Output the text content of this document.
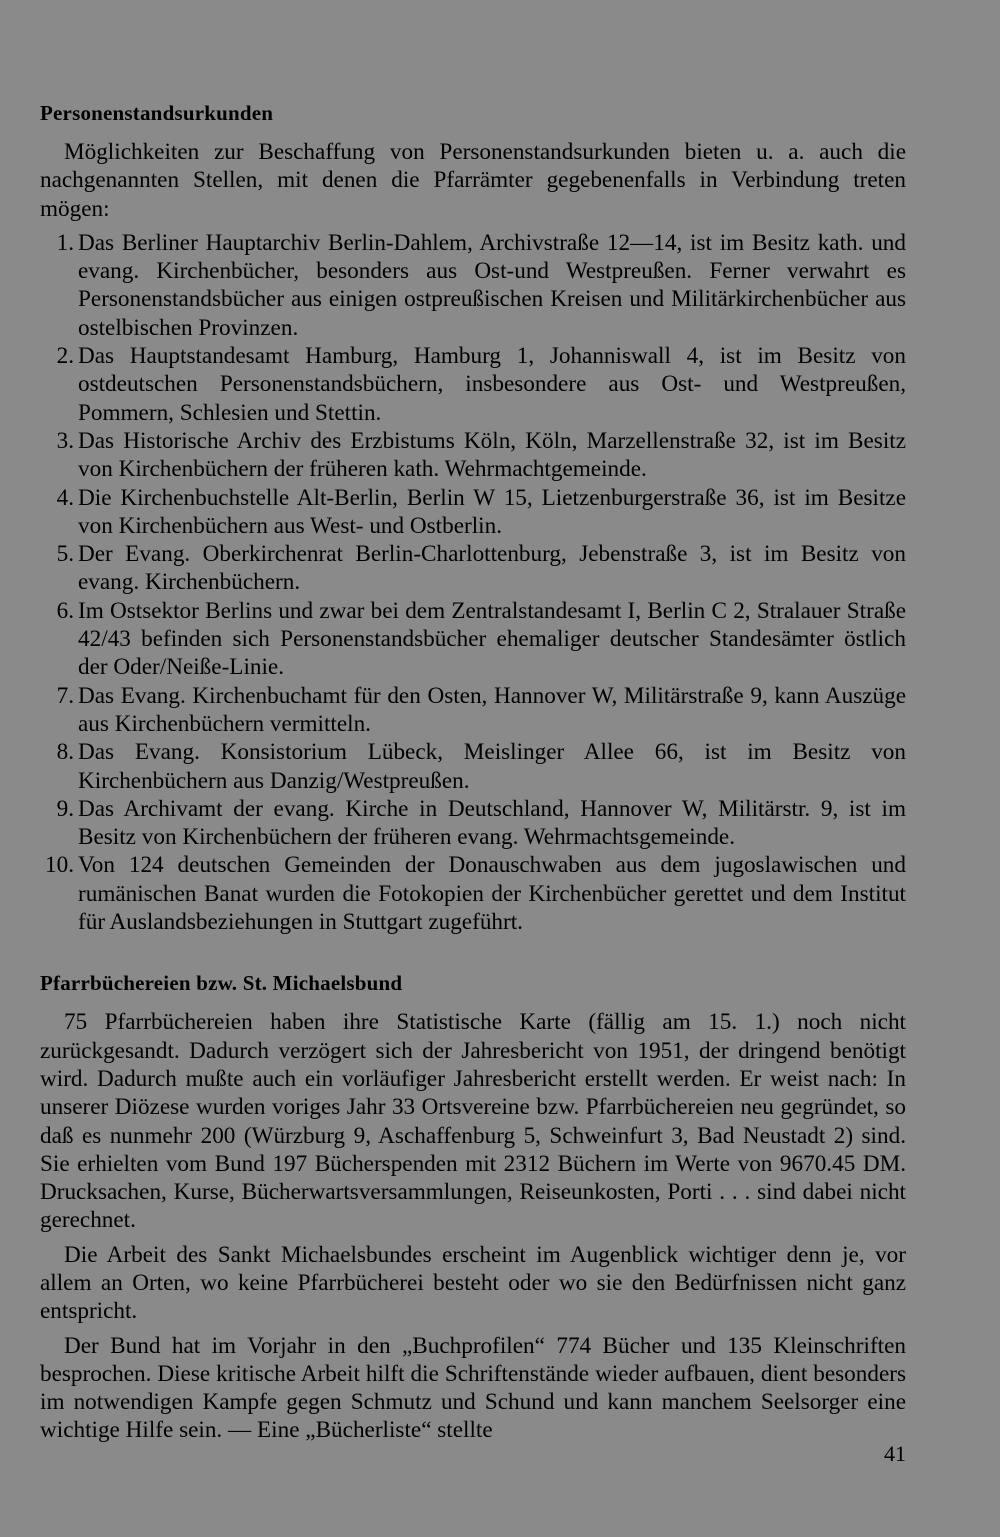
Personenstandsurkunden

Möglichkeiten zur Beschaffung von Personenstandsurkunden bieten u. a. auch die nachgenannten Stellen, mit denen die Pfarrämter gegebenenfalls in Verbindung treten mögen:

1. Das Berliner Hauptarchiv Berlin-Dahlem, Archivstraße 12—14, ist im Besitz kath. und evang. Kirchenbücher, besonders aus Ost-und Westpreußen. Ferner verwahrt es Personenstandsbücher aus einigen ostpreußischen Kreisen und Militärkirchenbücher aus ostelbischen Provinzen.
2. Das Hauptstandesamt Hamburg, Hamburg 1, Johanniswall 4, ist im Besitz von ostdeutschen Personenstandsbüchern, insbesondere aus Ost- und Westpreußen, Pommern, Schlesien und Stettin.
3. Das Historische Archiv des Erzbistums Köln, Köln, Marzellenstraße 32, ist im Besitz von Kirchenbüchern der früheren kath. Wehrmachtgemeinde.
4. Die Kirchenbuchstelle Alt-Berlin, Berlin W 15, Lietzenburgerstraße 36, ist im Besitze von Kirchenbüchern aus West- und Ostberlin.
5. Der Evang. Oberkirchenrat Berlin-Charlottenburg, Jebenstraße 3, ist im Besitz von evang. Kirchenbüchern.
6. Im Ostsektor Berlins und zwar bei dem Zentralstandesamt I, Berlin C 2, Stralauer Straße 42/43 befinden sich Personenstandsbücher ehemaliger deutscher Standesämter östlich der Oder/Neiße-Linie.
7. Das Evang. Kirchenbuchamt für den Osten, Hannover W, Militärstraße 9, kann Auszüge aus Kirchenbüchern vermitteln.
8. Das Evang. Konsistorium Lübeck, Meislinger Allee 66, ist im Besitz von Kirchenbüchern aus Danzig/Westpreußen.
9. Das Archivamt der evang. Kirche in Deutschland, Hannover W, Militärstr. 9, ist im Besitz von Kirchenbüchern der früheren evang. Wehrmachtsgemeinde.
10. Von 124 deutschen Gemeinden der Donauschwaben aus dem jugoslawischen und rumänischen Banat wurden die Fotokopien der Kirchenbücher gerettet und dem Institut für Auslandsbeziehungen in Stuttgart zugeführt.
Pfarrbüchereien bzw. St. Michaelsbund

75 Pfarrbüchereien haben ihre Statistische Karte (fällig am 15. 1.) noch nicht zurückgesandt. Dadurch verzögert sich der Jahresbericht von 1951, der dringend benötigt wird. Dadurch mußte auch ein vorläufiger Jahresbericht erstellt werden. Er weist nach: In unserer Diözese wurden voriges Jahr 33 Ortsvereine bzw. Pfarrbüchereien neu gegründet, so daß es nunmehr 200 (Würzburg 9, Aschaffenburg 5, Schweinfurt 3, Bad Neustadt 2) sind. Sie erhielten vom Bund 197 Bücherspenden mit 2312 Büchern im Werte von 9670.45 DM. Drucksachen, Kurse, Bücherwartsversammlungen, Reiseunkosten, Porti . . . sind dabei nicht gerechnet.

Die Arbeit des Sankt Michaelsbundes erscheint im Augenblick wichtiger denn je, vor allem an Orten, wo keine Pfarrbücherei besteht oder wo sie den Bedürfnissen nicht ganz entspricht.

Der Bund hat im Vorjahr in den „Buchprofilen“ 774 Bücher und 135 Kleinschriften besprochen. Diese kritische Arbeit hilft die Schriftenstände wieder aufbauen, dient besonders im notwendigen Kampfe gegen Schmutz und Schund und kann manchem Seelsorger eine wichtige Hilfe sein. — Eine „Bücherliste“ stellte

41
